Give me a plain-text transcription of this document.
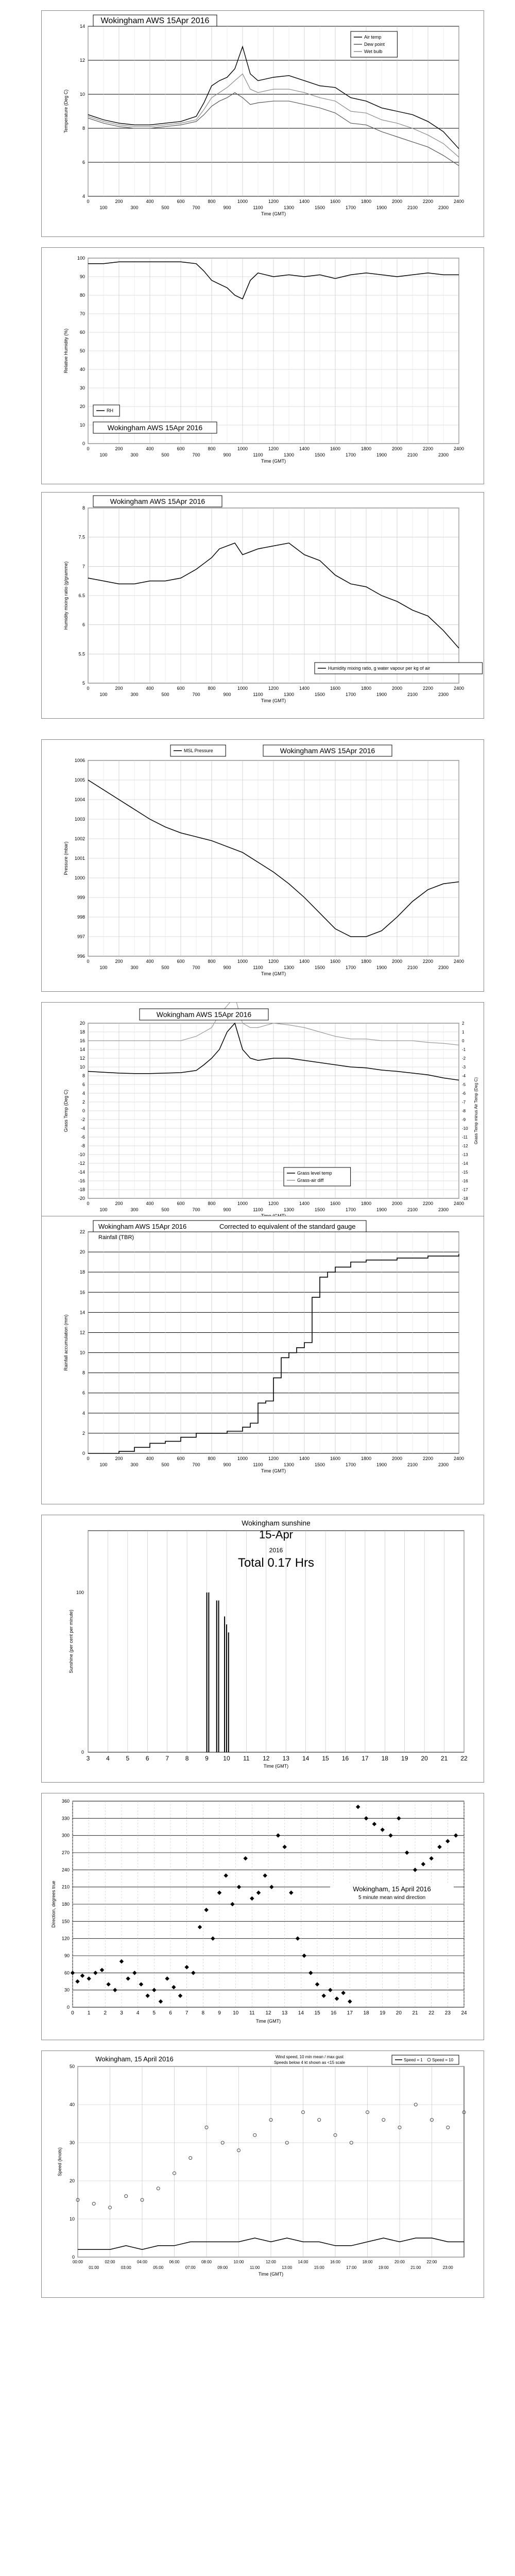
4
6
8
10
12
14
0	200	400	600	800	1000	1200	1400	1600	1800	2000	2200	2400
100	300	500	700	900	1100	1300	1500	1700	1900	2100	2300
Time (GMT)
Temperature (Deg C)
Wokingham AWS 15Apr 2016
Air temp
Dew point
Wet bulb
0
10
20
30
40
50
60
70
80
90
100
0	200	400	600	800	1000	1200	1400	1600	1800	2000	2200	2400
100	300	500	700	900	1100	1300	1500	1700	1900	2100	2300
Time (GMT)
Relative Humidity (%)
RH
Wokingham AWS 15Apr 2016
5
5.5
6
6.5
7
7.5
8
0	200	400	600	800	1000	1200	1400	1600	1800	2000	2200	2400
100	300	500	700	900	1100	1300	1500	1700	1900	2100	2300
Time (GMT)
Humidity mixing ratio (g/gramme)
Wokingham AWS 15Apr 2016
Humidity mixing ratio, g water vapour per kg of air
996
997
998
999
1000
1001
1002
1003
1004
1005
1006
0	200	400	600	800	1000	1200	1400	1600	1800	2000	2200	2400
100	300	500	700	900	1100	1300	1500	1700	1900	2100	2300
Time (GMT)
Pressure (mbar)
MSL Pressure	Wokingham AWS 15Apr 2016
-20
-18
-16
-14
-12
-10
-8
-6
-4
-2
0
2
4
6
8
10
12
14
16
18
20
0	200	400	600	800	1000	1200	1400	1600	1800	2000	2200	2400
100	300	500	700	900	1100	1300	1500	1700	1900	2100	2300
Grass Temp (Deg C)
-18
-17
-16
-15
-14
-13
-12
-11
-10
-9
-8
-7
-6
-5
-4
-3
-2
-1
0
1
2
Grass Temp minus Air Temp (Deg C)
Wokingham AWS 15Apr 2016
Grass level temp
Grass-air diff
0
2
4
6
8
10
12
14
16
18
20
22
0	200	400	600	800	1000	1200	1400	1600	1800	2000	2200	2400
100	300	500	700	900	1100	1300	1500	1700	1900	2100	2300
Time (GMT)
Rainfall accumulation (mm)
Wokingham AWS 15Apr 2016	Corrected to equivalent of the standard gauge
Rainfall (TBR)
3	4	5	6	7	8	9 10 11 12 13 14 15 16 17 18 19 20 21 22
0
100
Time (GMT)
Sunshine (per cent per minute)
Wokingham sunshine
15-Apr
2016
Total 0.17 Hrs
0
30
60
90
120
150
180
210
240
270
300
330
360
0	1	2	3	4	5	6	7	8	9 10 11 12 13 14 15 16 17 18 19 20 21 22 23 24
Time (GMT)
Direction, degrees true	Wokingham, 15 April 2016
5 minute mean wind direction
0
10
20
30
40
50
00:00	02:00	04:00	06:00	08:00	10:00	12:00	14:00	16:00	18:00	20:00	22:00
01:00	03:00	05:00	07:00	09:00	11:00	13:00	15:00	17:00	19:00	21:00	23:00
Time (GMT)
Speed (knots)
Wokingham, 15 April 2016	Wind speed, 10 min mean / max gust
Speeds below 4 kt shown as <15 scale
Speed = 1 Speed = 10
